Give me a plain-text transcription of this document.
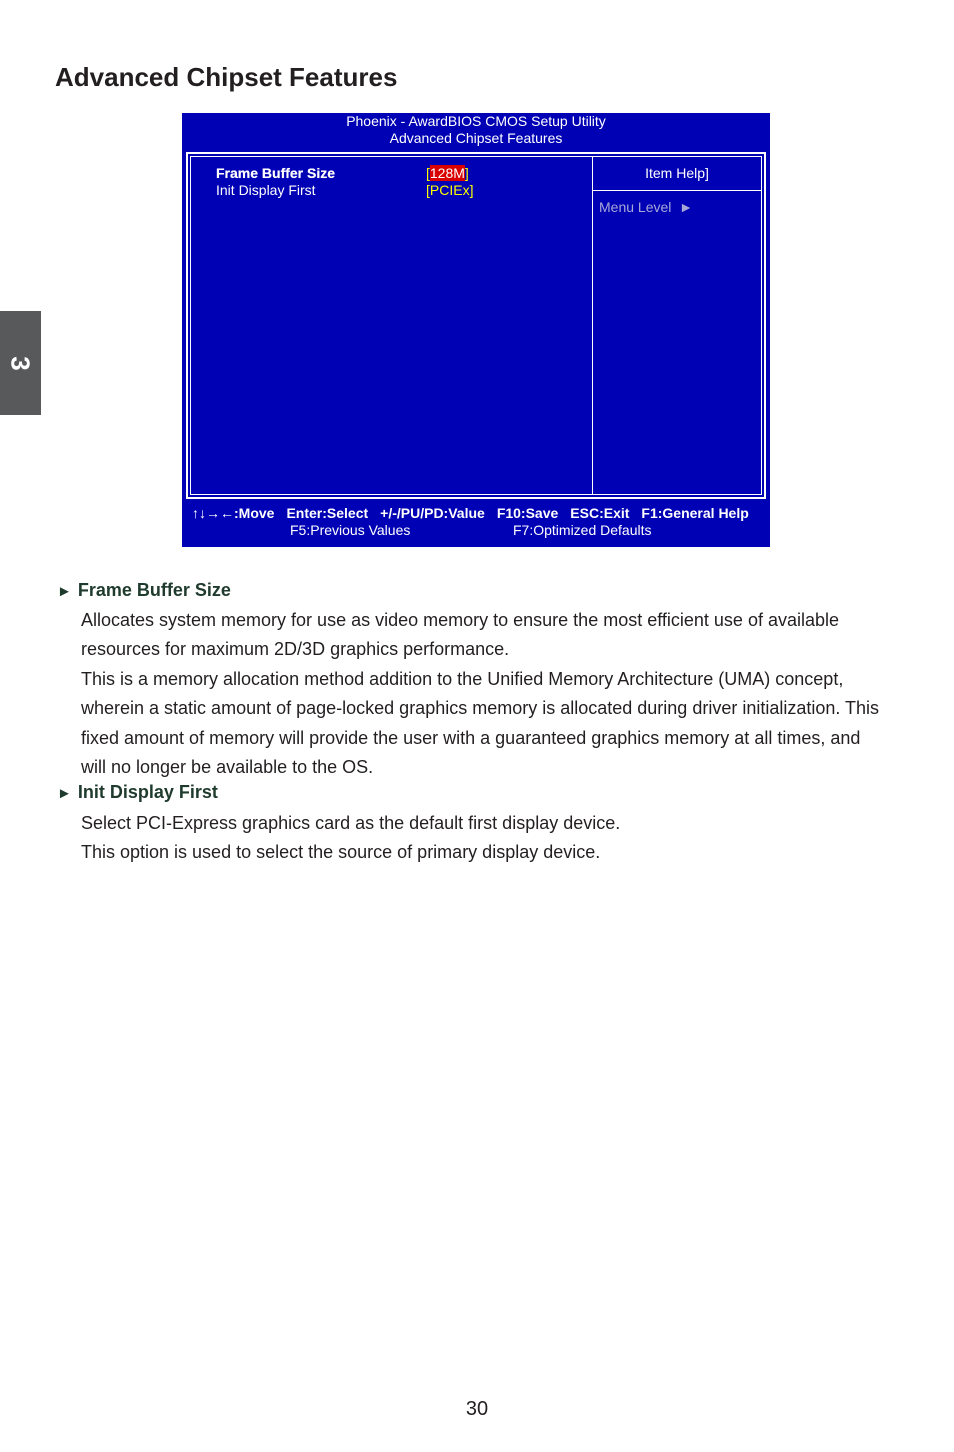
3
Advanced Chipset Features
Phoenix - AwardBIOS CMOS Setup Utility
Advanced Chipset Features
Frame Buffer Size	[128M]
Init Display First	[PCIEx]
Item Help]
Menu Level ►
↑↓→←:Move Enter:Select +/-/PU/PD:Value F10:Save ESC:Exit F1:General Help
F5:Previous Values	F7:Optimized Defaults
► Frame Buffer Size

Allocates system memory for use as video memory to ensure the most efficient use of available resources for maximum 2D/3D graphics performance.

This is a memory allocation method addition to the Unified Memory Architecture (UMA) concept, wherein a static amount of page-locked graphics memory is allocated during driver initialization. This fixed amount of memory will provide the user with a guaranteed graphics memory at all times, and will no longer be available to the OS.

► Init Display First

Select PCI-Express graphics card as the default first display device.

This option is used to select the source of primary display device.

30
